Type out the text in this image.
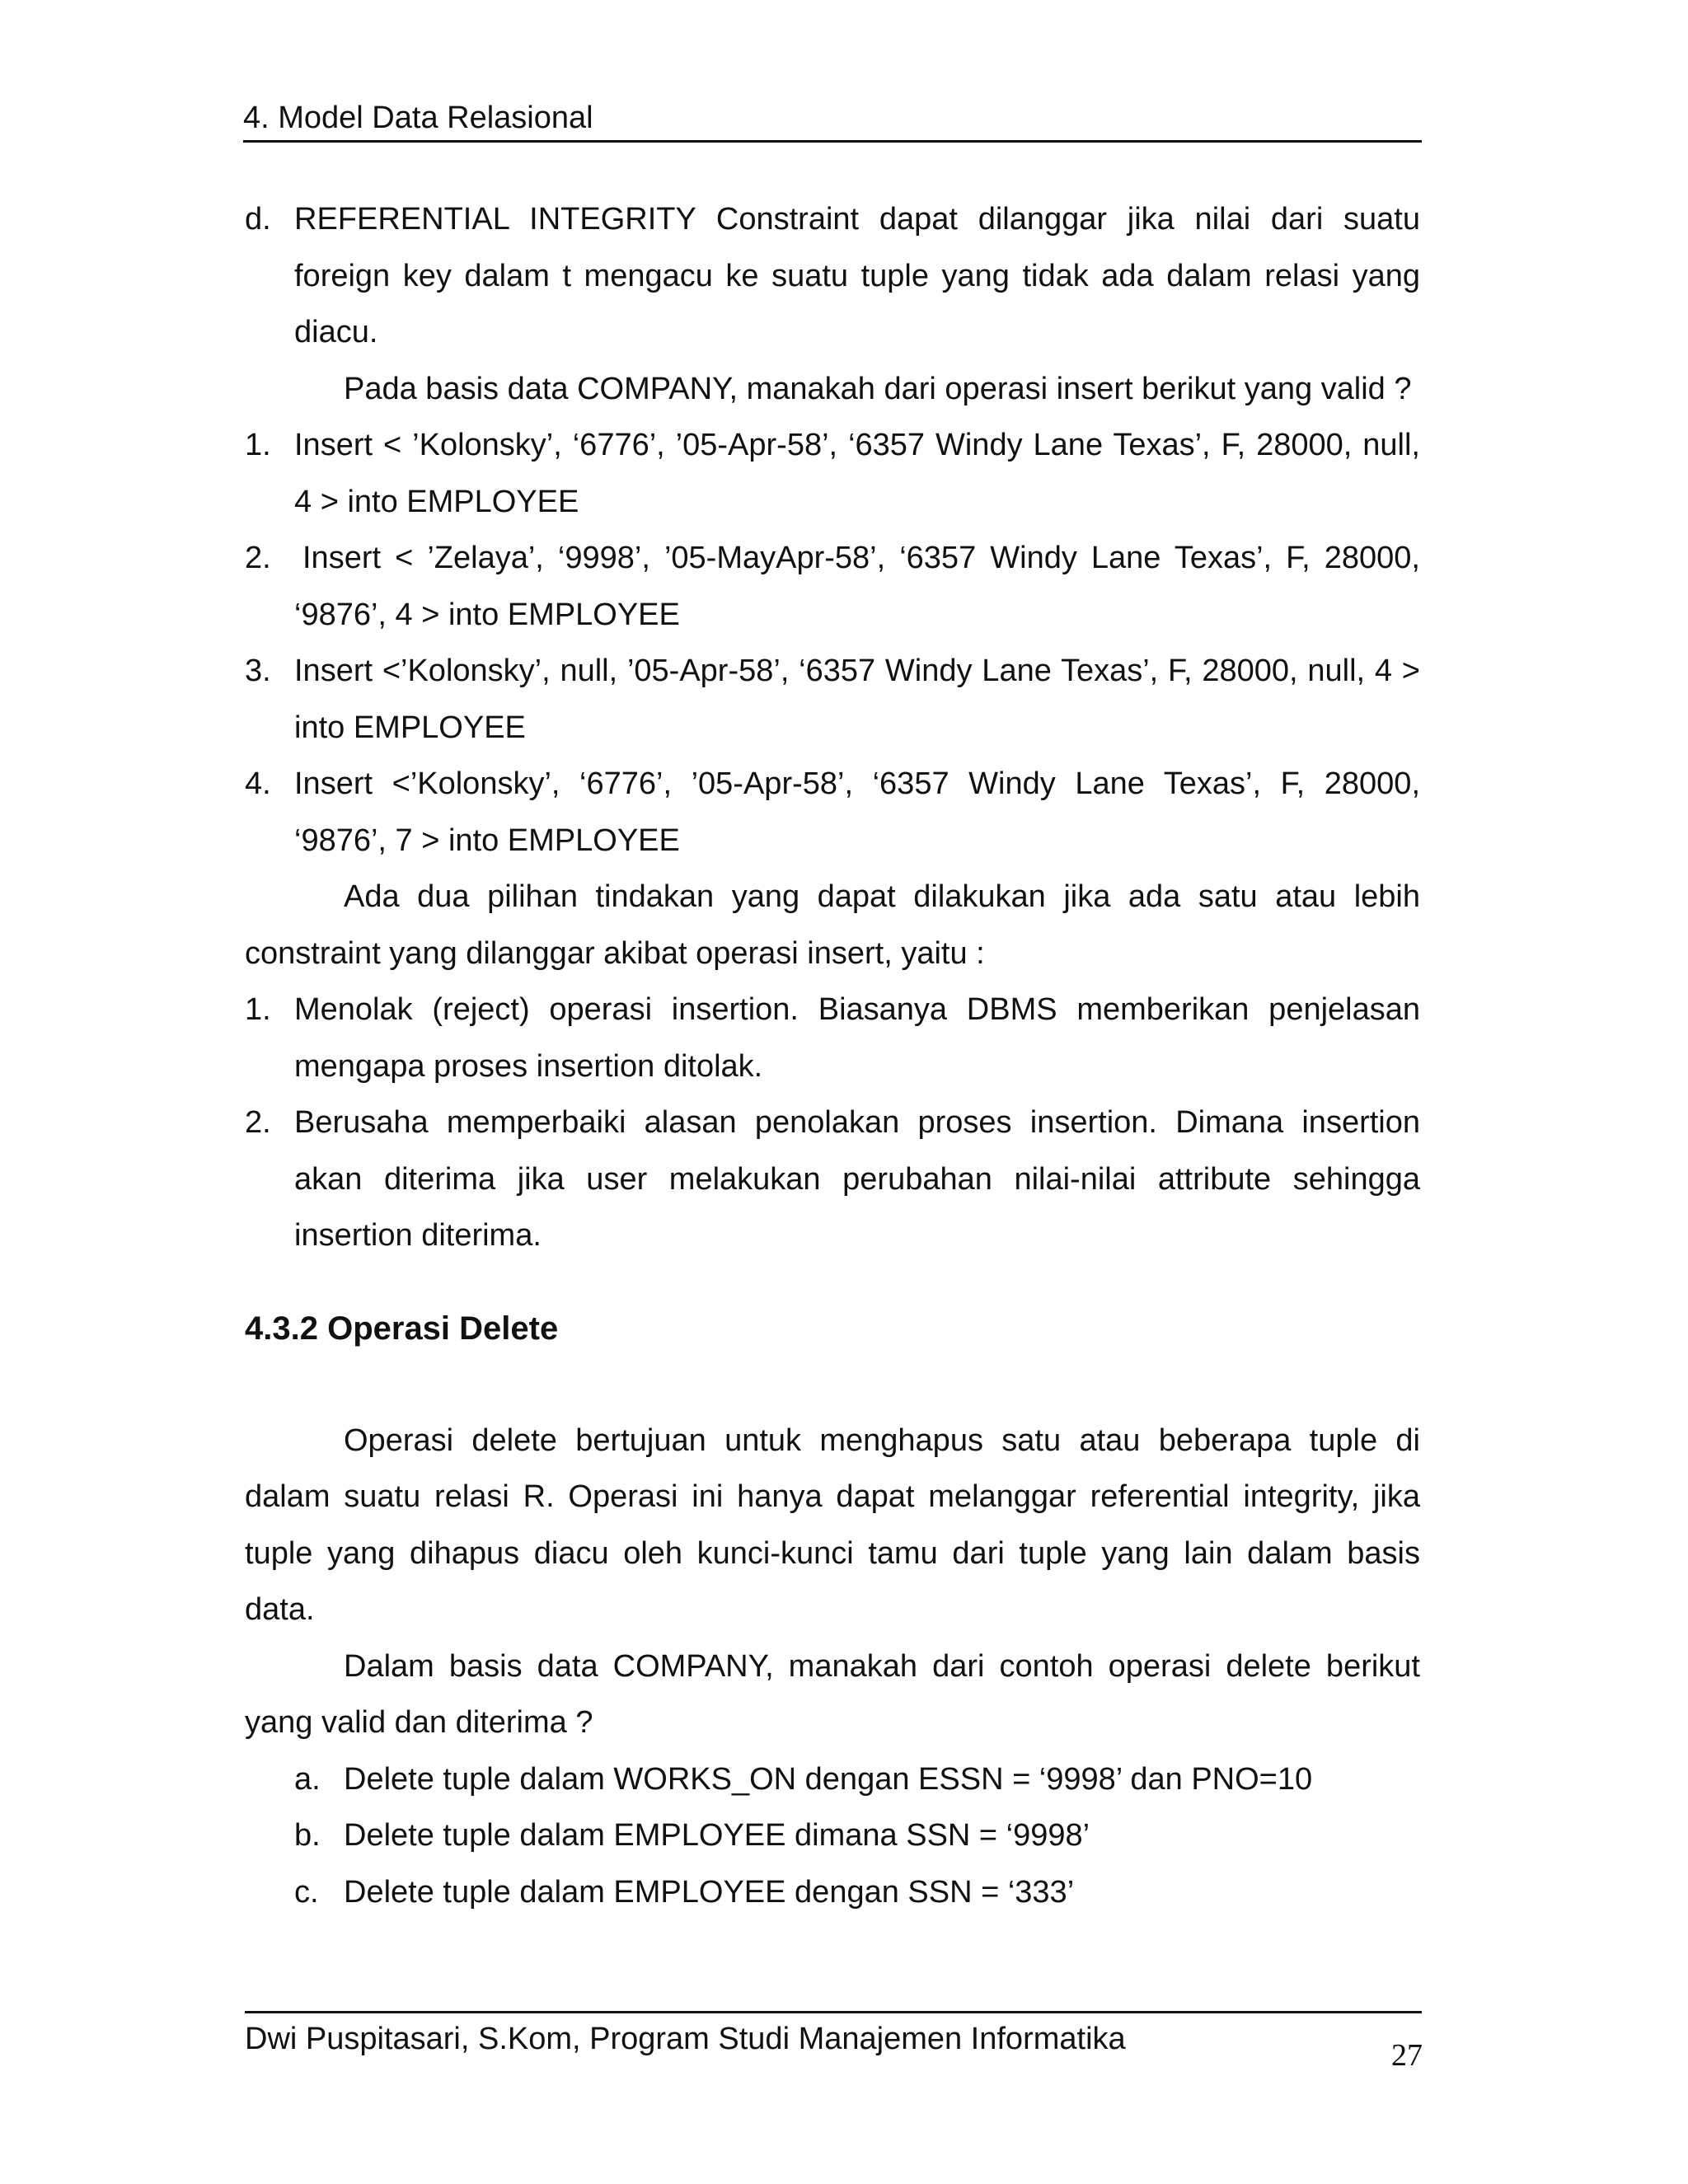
4. Model Data Relasional
d. REFERENTIAL INTEGRITY Constraint dapat dilanggar jika nilai dari suatu foreign key dalam t mengacu ke suatu tuple yang tidak ada dalam relasi yang diacu.

Pada basis data COMPANY, manakah dari operasi insert berikut yang valid ?

1. Insert < ’Kolonsky’, ‘6776’, ’05-Apr-58’, ‘6357 Windy Lane Texas’, F, 28000, null, 4 > into EMPLOYEE
2. Insert < ’Zelaya’, ‘9998’, ’05-MayApr-58’, ‘6357 Windy Lane Texas’, F, 28000, ‘9876’, 4 > into EMPLOYEE
3. Insert <’Kolonsky’, null, ’05-Apr-58’, ‘6357 Windy Lane Texas’, F, 28000, null, 4 > into EMPLOYEE
4. Insert <’Kolonsky’, ‘6776’, ’05-Apr-58’, ‘6357 Windy Lane Texas’, F, 28000, ‘9876’, 7 > into EMPLOYEE

Ada dua pilihan tindakan yang dapat dilakukan jika ada satu atau lebih constraint yang dilanggar akibat operasi insert, yaitu :

1. Menolak (reject) operasi insertion. Biasanya DBMS memberikan penjelasan mengapa proses insertion ditolak.
2. Berusaha memperbaiki alasan penolakan proses insertion. Dimana insertion akan diterima jika user melakukan perubahan nilai-nilai attribute sehingga insertion diterima.
4.3.2 Operasi Delete

Operasi delete bertujuan untuk menghapus satu atau beberapa tuple di dalam suatu relasi R. Operasi ini hanya dapat melanggar referential integrity, jika tuple yang dihapus diacu oleh kunci-kunci tamu dari tuple yang lain dalam basis data.

Dalam basis data COMPANY, manakah dari contoh operasi delete berikut yang valid dan diterima ?

a. Delete tuple dalam WORKS_ON dengan ESSN = ‘9998’ dan PNO=10
b. Delete tuple dalam EMPLOYEE dimana SSN = ‘9998’
c. Delete tuple dalam EMPLOYEE dengan SSN = ‘333’
Dwi Puspitasari, S.Kom, Program Studi Manajemen Informatika	27
